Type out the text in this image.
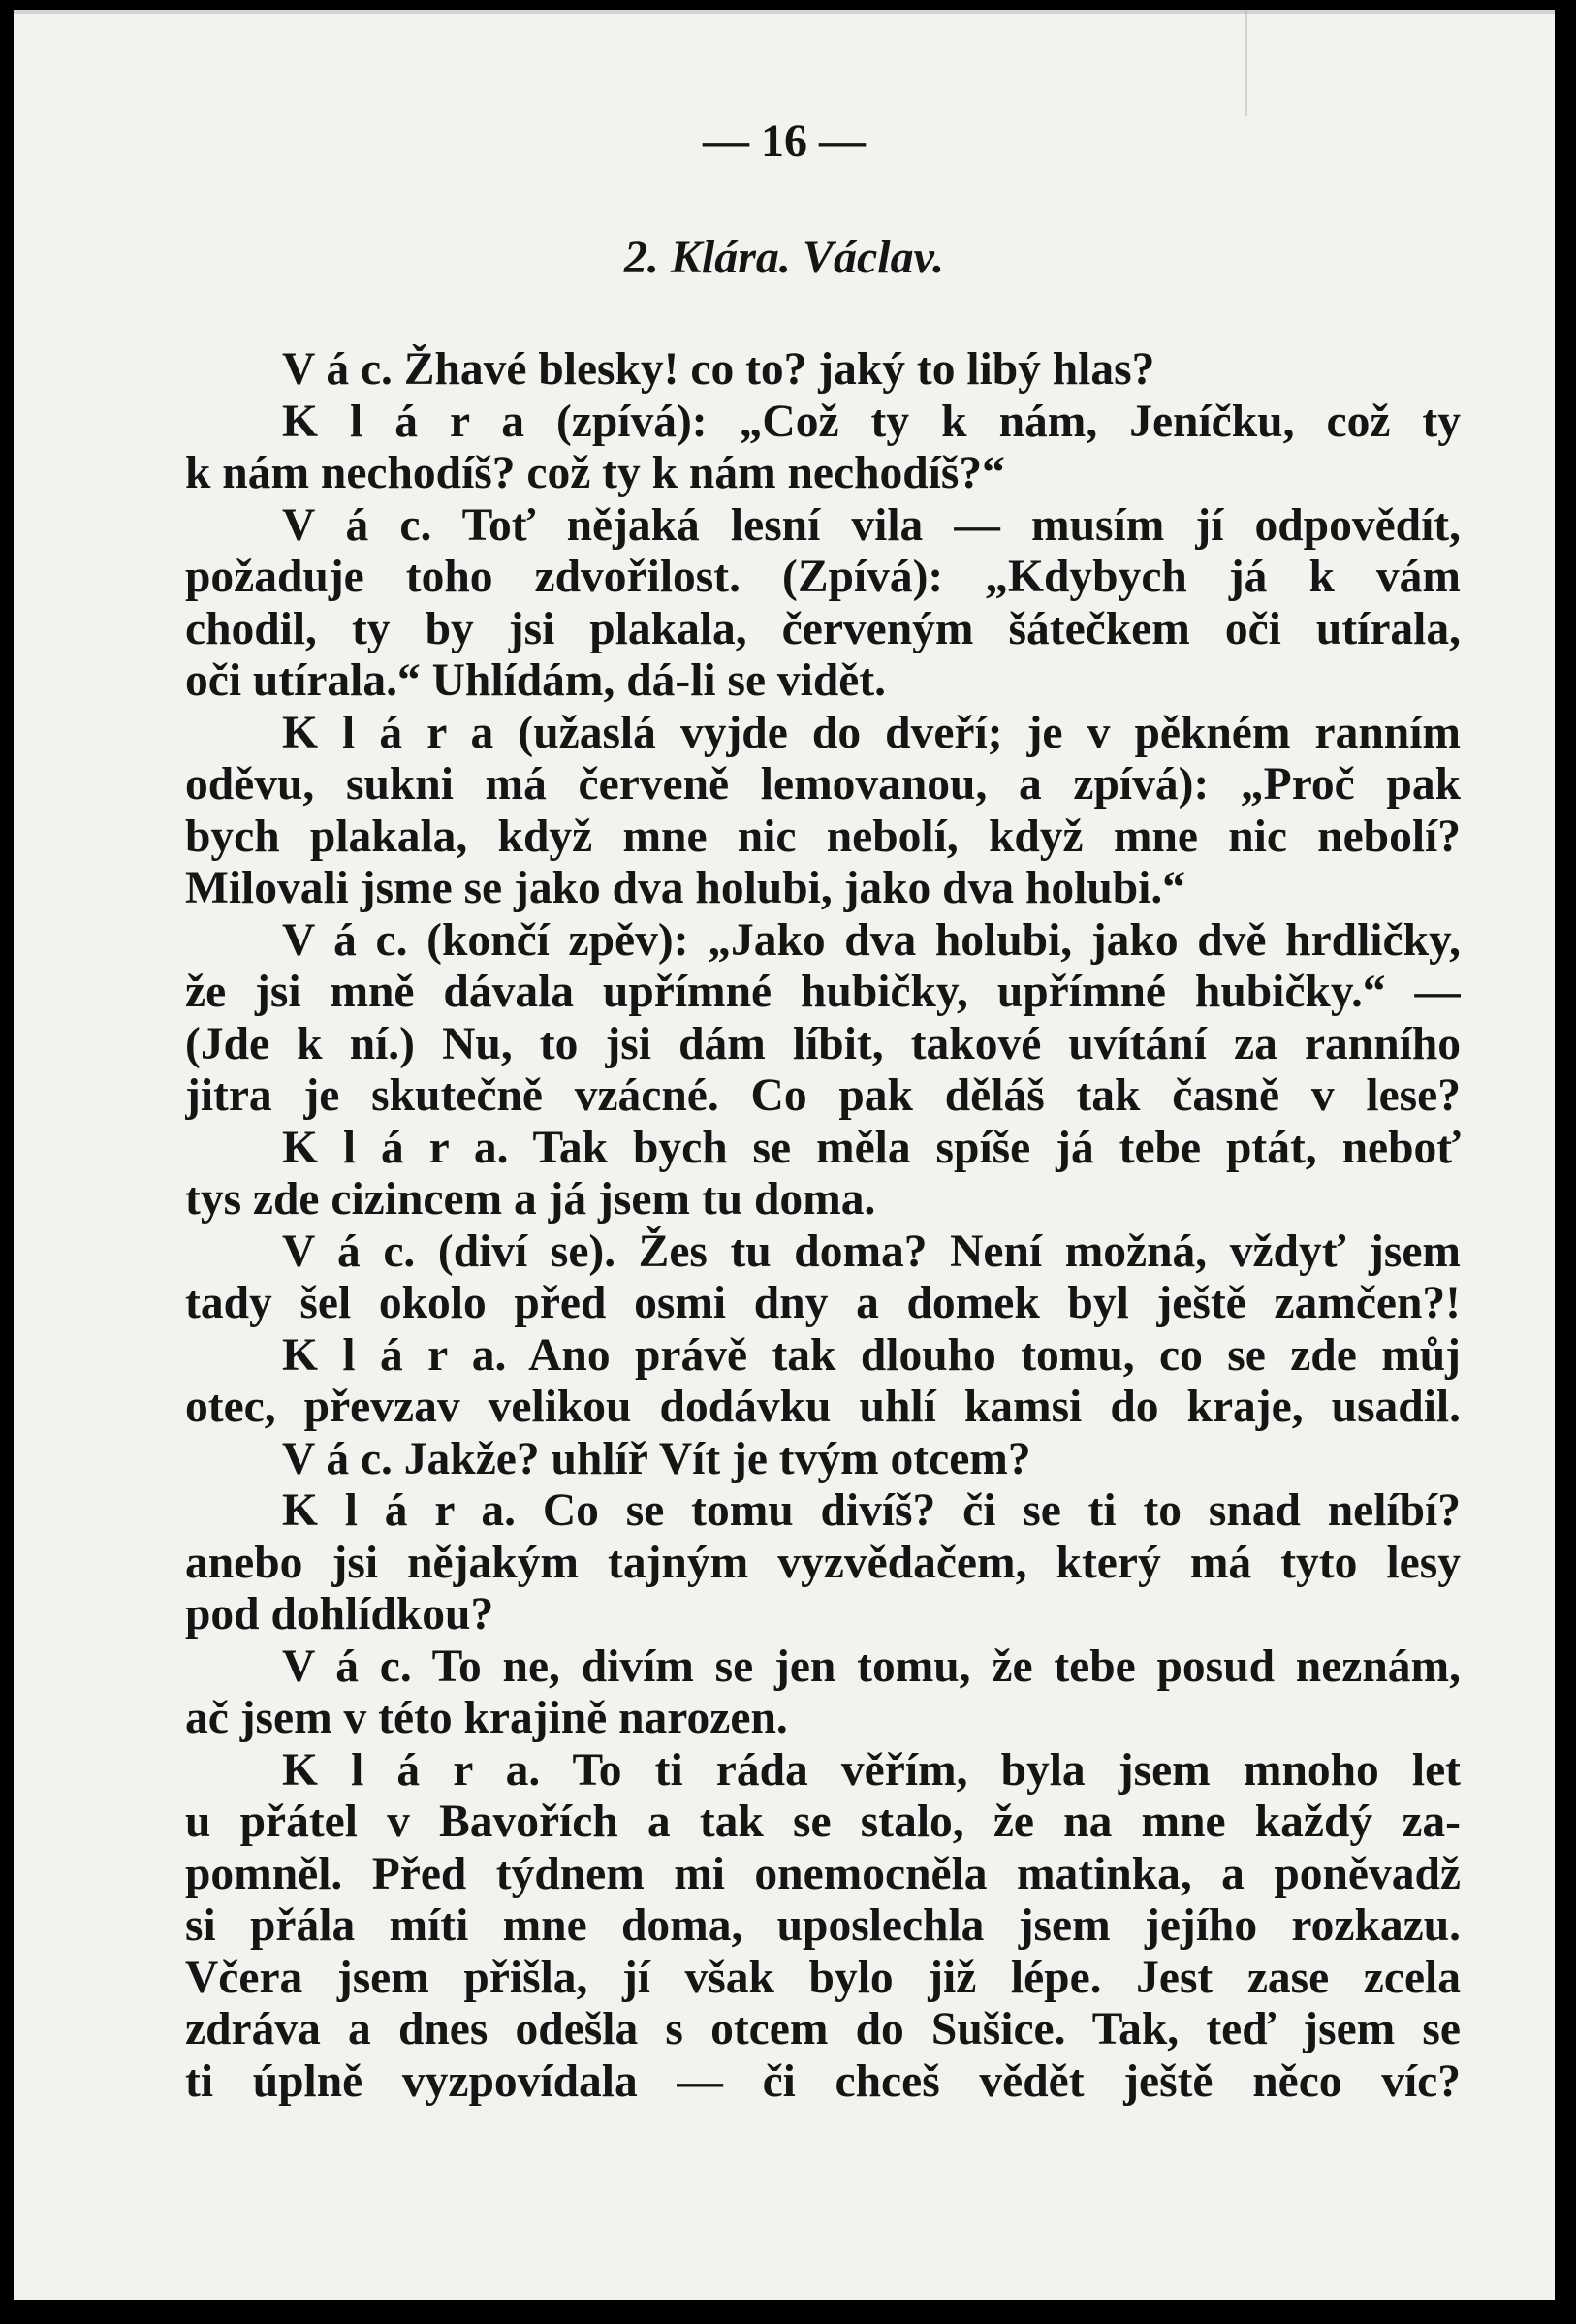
— 16 —
2. Klára. Václav.
V á c. Žhavé blesky! co to? jaký to libý hlas?
K l á r a (zpívá): „Což ty k nám, Jeníčku, což ty
k nám nechodíš? což ty k nám nechodíš?“
V á c. Toť nějaká lesní vila — musím jí odpovědít,
požaduje toho zdvořilost. (Zpívá): „Kdybych já k vám
chodil, ty by jsi plakala, červeným šátečkem oči utírala,
oči utírala.“ Uhlídám, dá-li se vidět.
K l á r a (užaslá vyjde do dveří; je v pěkném ranním
oděvu, sukni má červeně lemovanou, a zpívá): „Proč pak
bych plakala, když mne nic nebolí, když mne nic nebolí?
Milovali jsme se jako dva holubi, jako dva holubi.“
V á c. (končí zpěv): „Jako dva holubi, jako dvě hrdličky,
že jsi mně dávala upřímné hubičky, upřímné hubičky.“ —
(Jde k ní.) Nu, to jsi dám líbit, takové uvítání za ranního
jitra je skutečně vzácné. Co pak děláš tak časně v lese?
K l á r a. Tak bych se měla spíše já tebe ptát, neboť
tys zde cizincem a já jsem tu doma.
V á c. (diví se). Žes tu doma? Není možná, vždyť jsem
tady šel okolo před osmi dny a domek byl ještě zamčen?!
K l á r a. Ano právě tak dlouho tomu, co se zde můj
otec, převzav velikou dodávku uhlí kamsi do kraje, usadil.
V á c. Jakže? uhlíř Vít je tvým otcem?
K l á r a. Co se tomu divíš? či se ti to snad nelíbí?
anebo jsi nějakým tajným vyzvědačem, který má tyto lesy
pod dohlídkou?
V á c. To ne, divím se jen tomu, že tebe posud neznám,
ač jsem v této krajině narozen.
K l á r a. To ti ráda věřím, byla jsem mnoho let
u přátel v Bavořích a tak se stalo, že na mne každý za-
pomněl. Před týdnem mi onemocněla matinka, a poněvadž
si přála míti mne doma, uposlechla jsem jejího rozkazu.
Včera jsem přišla, jí však bylo již lépe. Jest zase zcela
zdráva a dnes odešla s otcem do Sušice. Tak, teď jsem se
ti úplně vyzpovídala — či chceš vědět ještě něco víc?
